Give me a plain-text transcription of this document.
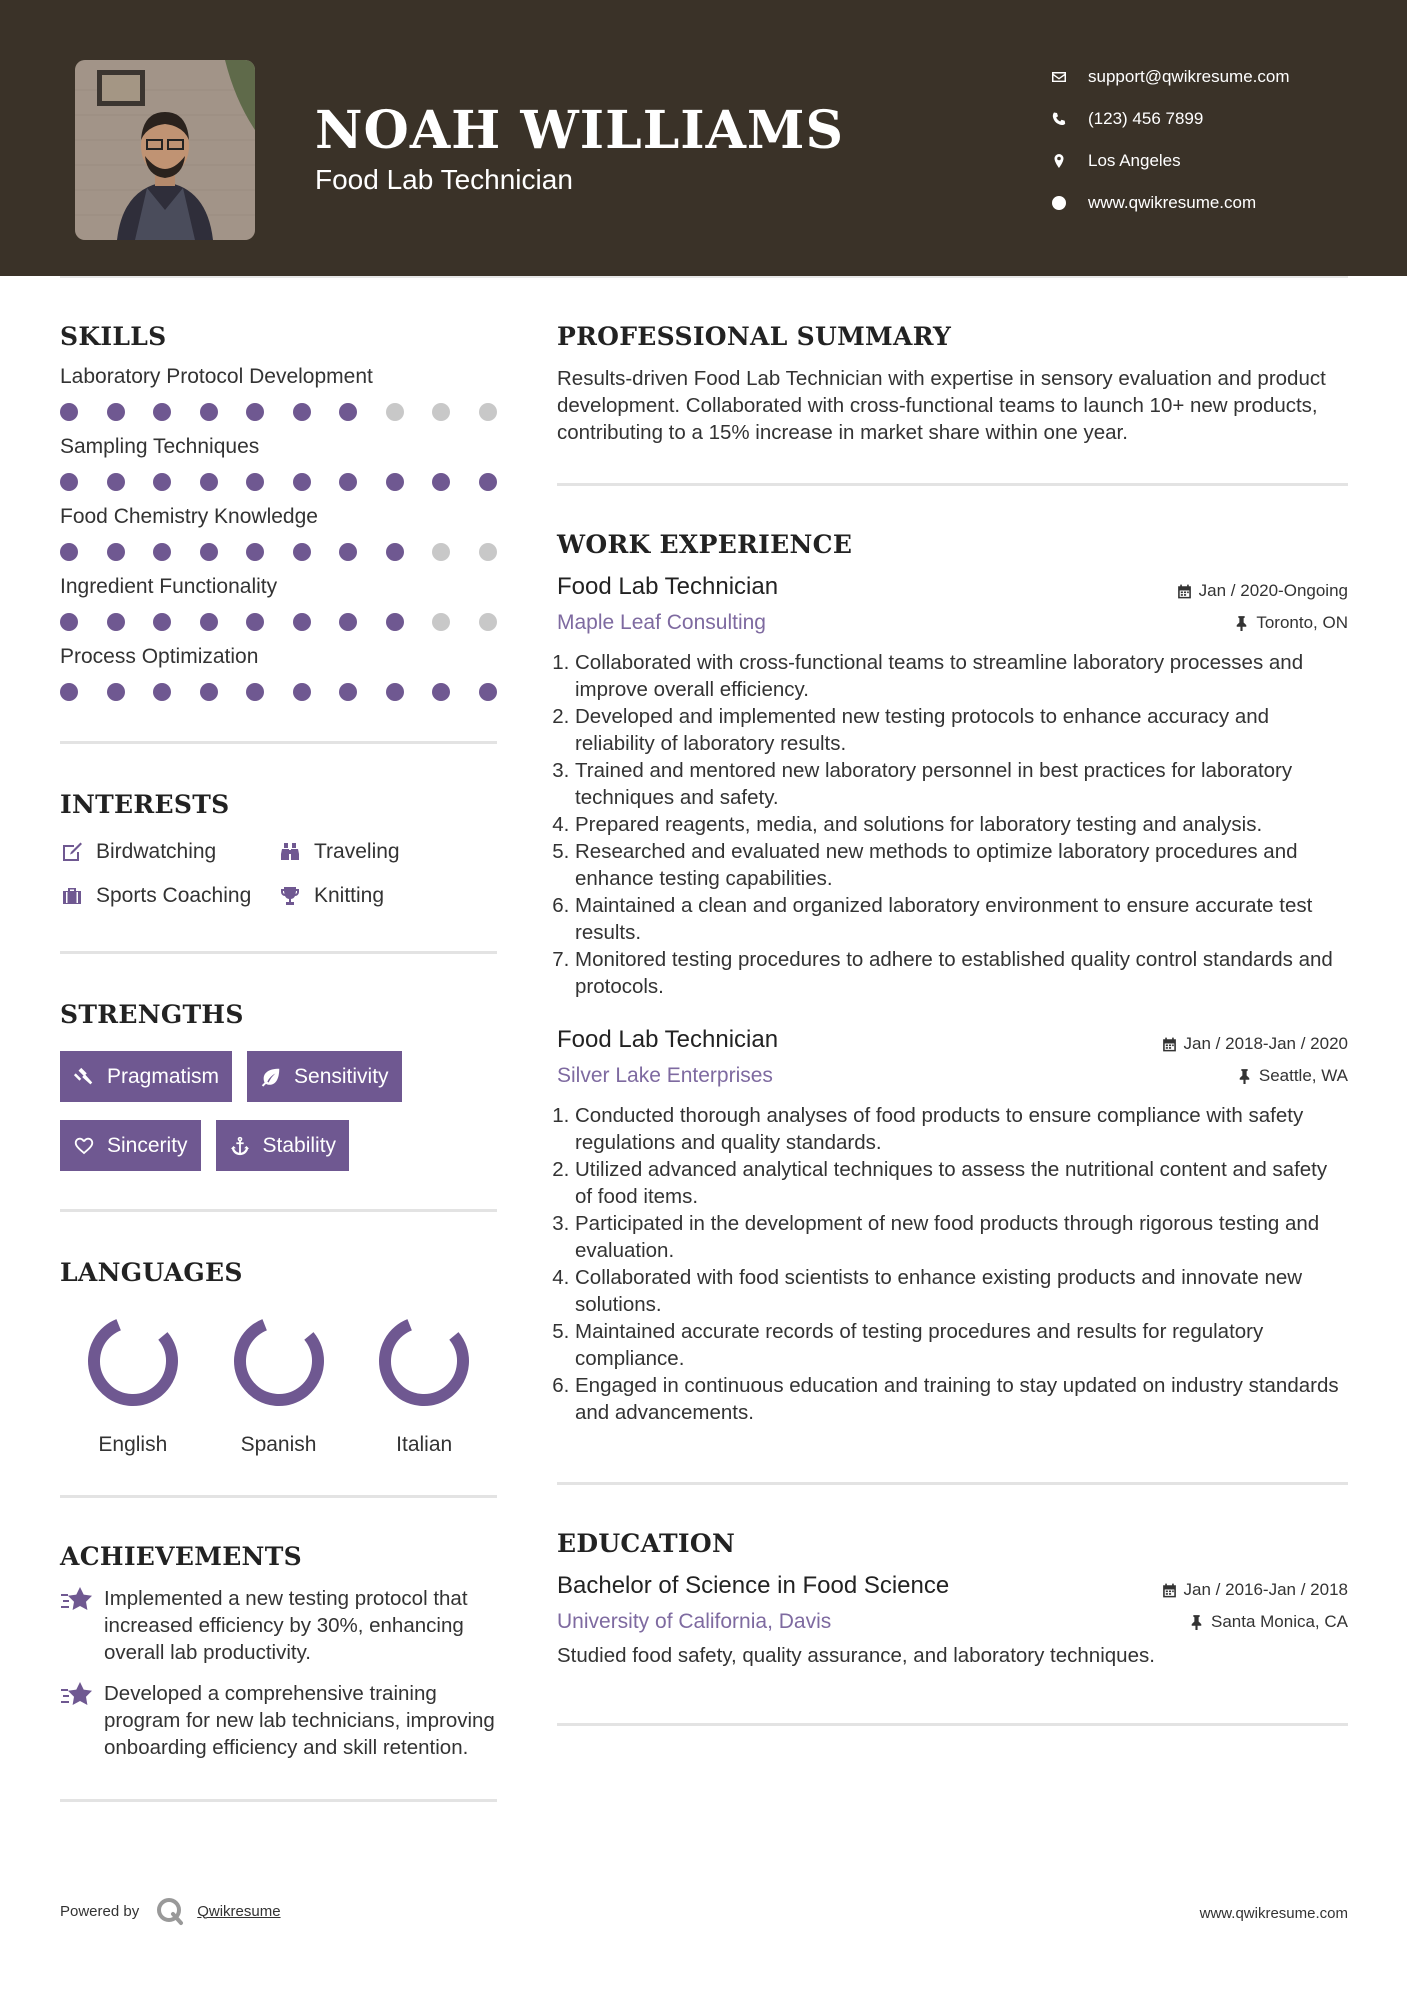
NOAH WILLIAMS
Food Lab Technician
support@qwikresume.com
(123) 456 7899
Los Angeles
www.qwikresume.com
SKILLS
Laboratory Protocol Development
Sampling Techniques
Food Chemistry Knowledge
Ingredient Functionality
Process Optimization
INTERESTS
Birdwatching	Traveling
Sports Coaching	Knitting
STRENGTHS
Pragmatism	Sensitivity
Sincerity	Stability
LANGUAGES
English	Spanish	Italian
ACHIEVEMENTS
Implemented a new testing protocol that increased efficiency by 30%, enhancing overall lab productivity.
Developed a comprehensive training program for new lab technicians, improving onboarding efficiency and skill retention.
PROFESSIONAL SUMMARY
Results-driven Food Lab Technician with expertise in sensory evaluation and product development. Collaborated with cross-functional teams to launch 10+ new products, contributing to a 15% increase in market share within one year.
WORK EXPERIENCE
Food Lab Technician	Jan / 2020-Ongoing
Maple Leaf Consulting	Toronto, ON
1. Collaborated with cross-functional teams to streamline laboratory processes and improve overall efficiency.
2. Developed and implemented new testing protocols to enhance accuracy and reliability of laboratory results.
3. Trained and mentored new laboratory personnel in best practices for laboratory techniques and safety.
4. Prepared reagents, media, and solutions for laboratory testing and analysis.
5. Researched and evaluated new methods to optimize laboratory procedures and enhance testing capabilities.
6. Maintained a clean and organized laboratory environment to ensure accurate test results.
7. Monitored testing procedures to adhere to established quality control standards and protocols.
Food Lab Technician	Jan / 2018-Jan / 2020
Silver Lake Enterprises	Seattle, WA
1. Conducted thorough analyses of food products to ensure compliance with safety regulations and quality standards.
2. Utilized advanced analytical techniques to assess the nutritional content and safety of food items.
3. Participated in the development of new food products through rigorous testing and evaluation.
4. Collaborated with food scientists to enhance existing products and innovate new solutions.
5. Maintained accurate records of testing procedures and results for regulatory compliance.
6. Engaged in continuous education and training to stay updated on industry standards and advancements.
EDUCATION
Bachelor of Science in Food Science	Jan / 2016-Jan / 2018
University of California, Davis	Santa Monica, CA
Studied food safety, quality assurance, and laboratory techniques.
Powered by	Qwikresume	www.qwikresume.com
